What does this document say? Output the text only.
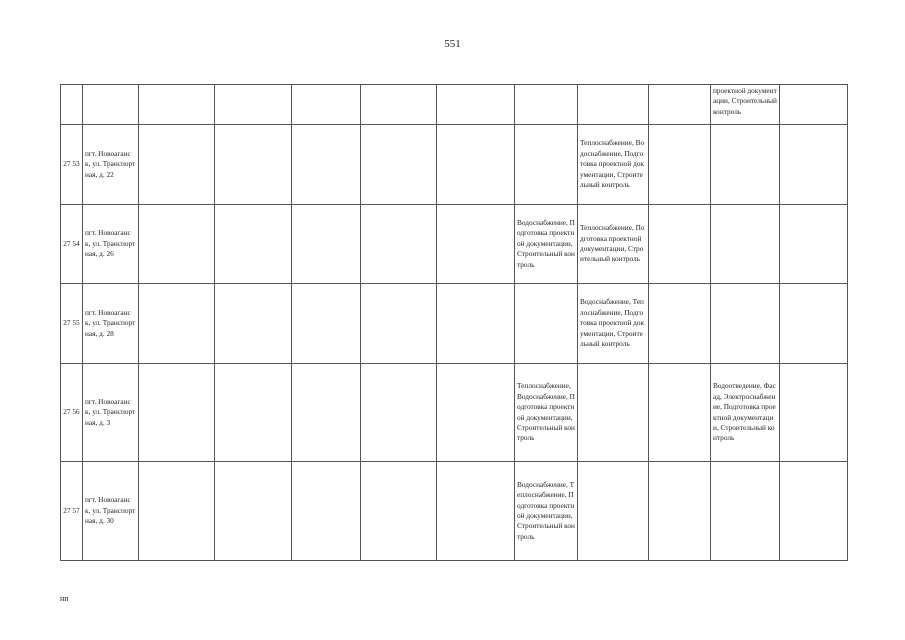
551
										проектной документации, Строительный контроль	
27 53	пгт. Новоаганск, ул. Транспортная, д. 22							Теплоснабжение, Водоснабжение, Подготовка проектной документации, Строительный контроль			
27 54	пгт. Новоаганск, ул. Транспортная, д. 26						Водоснабжение, Подготовка проектной документации, Строительный контроль	Теплоснабжение, Подготовка проектной документации, Строительный контроль			
27 55	пгт. Новоаганск, ул. Транспортная, д. 28							Водоснабжение, Теплоснабжение, Подготовка проектной документации, Строительный контроль			
27 56	пгт. Новоаганск, ул. Транспортная, д. 3						Теплоснабжение, Водоснабжение, Подготовка проектной документации, Строительный контроль			Водоотведение, Фасад, Электроснабжение, Подготовка проектной документации, Строительный контроль	
27 57	пгт. Новоаганск, ул. Транспортная, д. 30						Водоснабжение, Теплоснабжение, Подготовка проектной документации, Строительный контроль				
нп
